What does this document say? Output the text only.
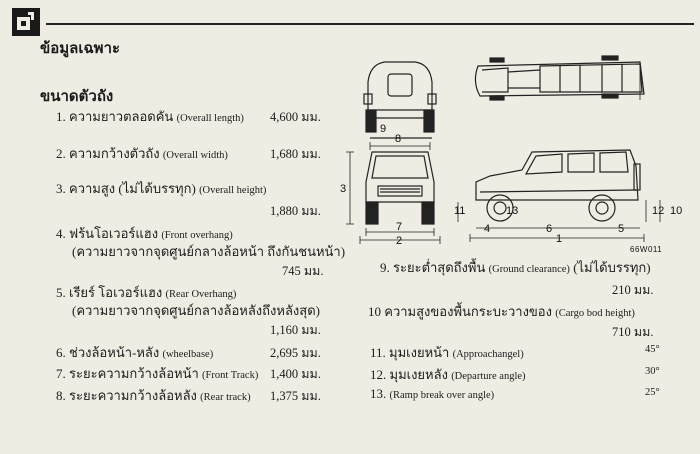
ข้อมูลเฉพาะ
ขนาดตัวถัง
1. ความยาวตลอดคัน (Overall length) 4,600 มม.
2. ความกว้างตัวถัง (Overall width)	1,680 มม.
3. ความสูง (ไม่ได้บรรทุก) (Overall height)
1,880 มม.
4. ฟร้นโอเวอร์แฮง (Front overhang)
(ความยาวจากจุดศูนย์กลางล้อหน้า ถึงกันชนหน้า)
745 มม.
5. เรียร์ โอเวอร์แฮง (Rear Overhang)
(ความยาวจากจุดศูนย์กลางล้อหลังถึงหลังสุด)
1,160 มม.
6. ช่วงล้อหน้า-หลัง (wheelbase)	2,695 มม.
7. ระยะความกว้างล้อหน้า (Front Track) 1,400 มม.
8. ระยะความกว้างล้อหลัง (Rear track) 1,375 มม.
9. ระยะต่ำสุดถึงพื้น (Ground clearance) (ไม่ได้บรรทุก)
210 มม.
10 ความสูงของพื้นกระบะวางของ (Cargo bod height)
710 มม.
11. มุมเงยหน้า (Approachangel)	45°
12. มุมเงยหลัง (Departure angle)	30°
13. (Ramp break over angle)	25°
9
8
3
7
2
11	13
4	6	5
1
12 10
66W011
